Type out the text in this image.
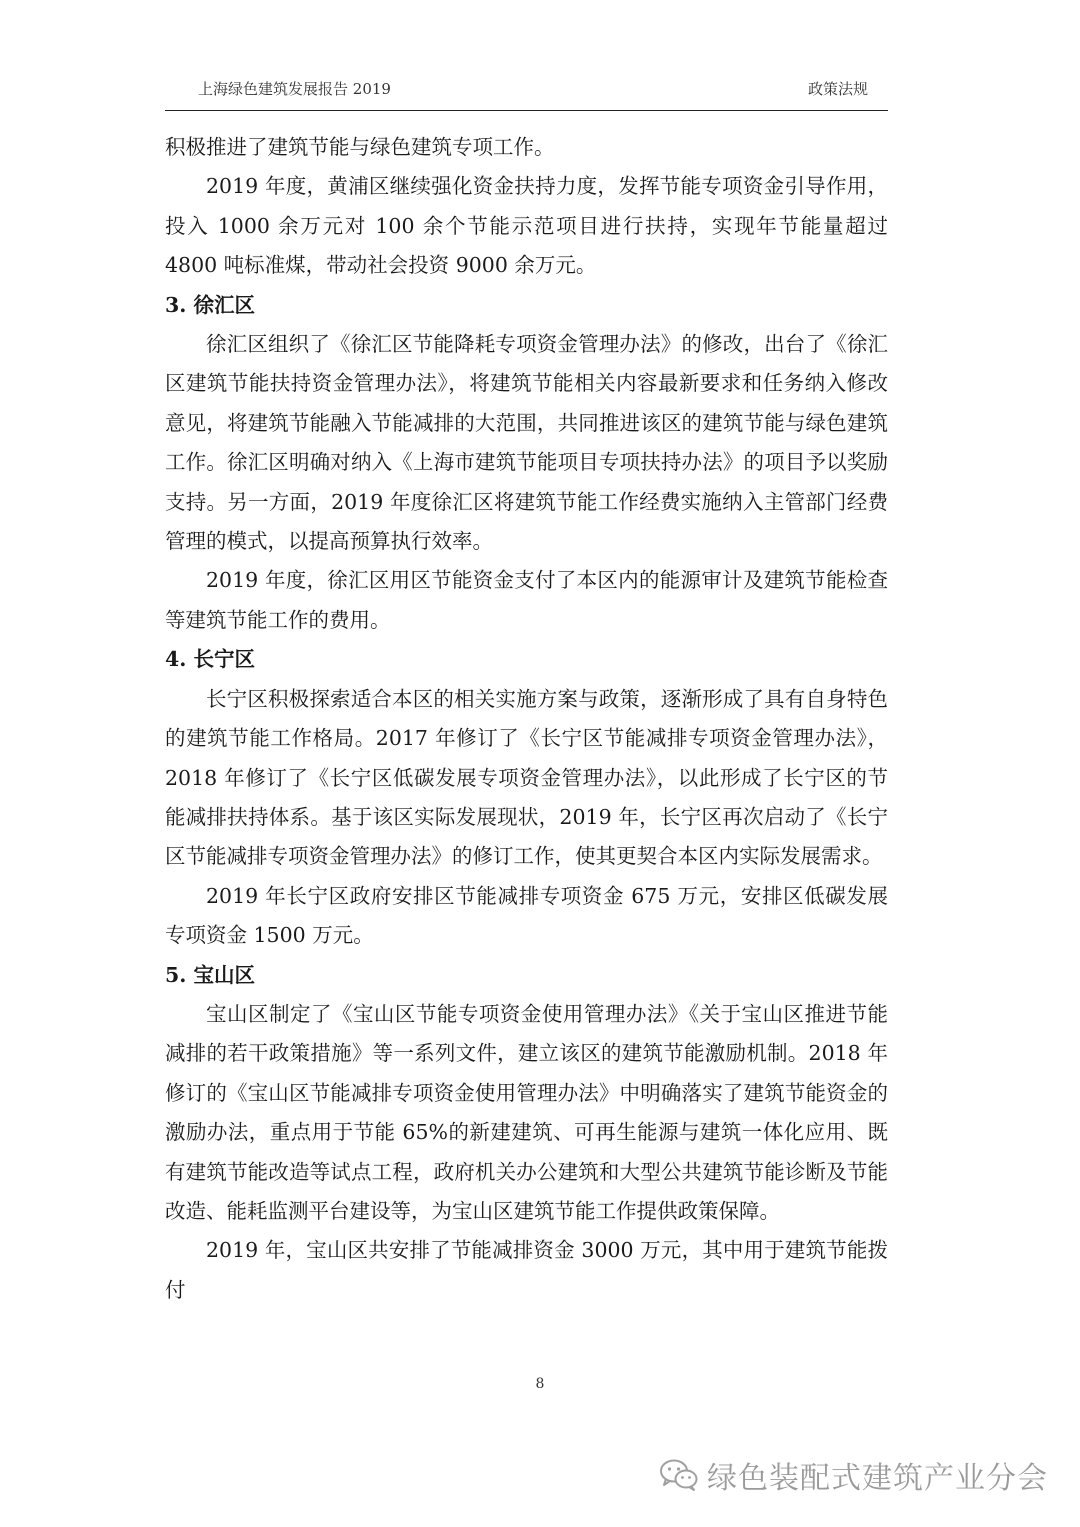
上海绿色建筑发展报告 2019	政策法规

积极推进了建筑节能与绿色建筑专项工作。

2019 年度，黄浦区继续强化资金扶持力度，发挥节能专项资金引导作用，投入 1000 余万元对 100 余个节能示范项目进行扶持，实现年节能量超过 4800 吨标准煤，带动社会投资 9000 余万元。

3. 徐汇区

徐汇区组织了《徐汇区节能降耗专项资金管理办法》的修改，出台了《徐汇区建筑节能扶持资金管理办法》，将建筑节能相关内容最新要求和任务纳入修改意见，将建筑节能融入节能减排的大范围，共同推进该区的建筑节能与绿色建筑工作。徐汇区明确对纳入《上海市建筑节能项目专项扶持办法》的项目予以奖励支持。另一方面，2019 年度徐汇区将建筑节能工作经费实施纳入主管部门经费管理的模式，以提高预算执行效率。

2019 年度，徐汇区用区节能资金支付了本区内的能源审计及建筑节能检查等建筑节能工作的费用。

4. 长宁区

长宁区积极探索适合本区的相关实施方案与政策，逐渐形成了具有自身特色的建筑节能工作格局。2017 年修订了《长宁区节能减排专项资金管理办法》，2018 年修订了《长宁区低碳发展专项资金管理办法》，以此形成了长宁区的节能减排扶持体系。基于该区实际发展现状，2019 年，长宁区再次启动了《长宁区节能减排专项资金管理办法》的修订工作，使其更契合本区内实际发展需求。

2019 年长宁区政府安排区节能减排专项资金 675 万元，安排区低碳发展专项资金 1500 万元。

5. 宝山区

宝山区制定了《宝山区节能专项资金使用管理办法》《关于宝山区推进节能减排的若干政策措施》等一系列文件，建立该区的建筑节能激励机制。2018 年修订的《宝山区节能减排专项资金使用管理办法》中明确落实了建筑节能资金的激励办法，重点用于节能 65%的新建建筑、可再生能源与建筑一体化应用、既有建筑节能改造等试点工程，政府机关办公建筑和大型公共建筑节能诊断及节能改造、能耗监测平台建设等，为宝山区建筑节能工作提供政策保障。

2019 年，宝山区共安排了节能减排资金 3000 万元，其中用于建筑节能拨付

8
绿色装配式建筑产业分会
